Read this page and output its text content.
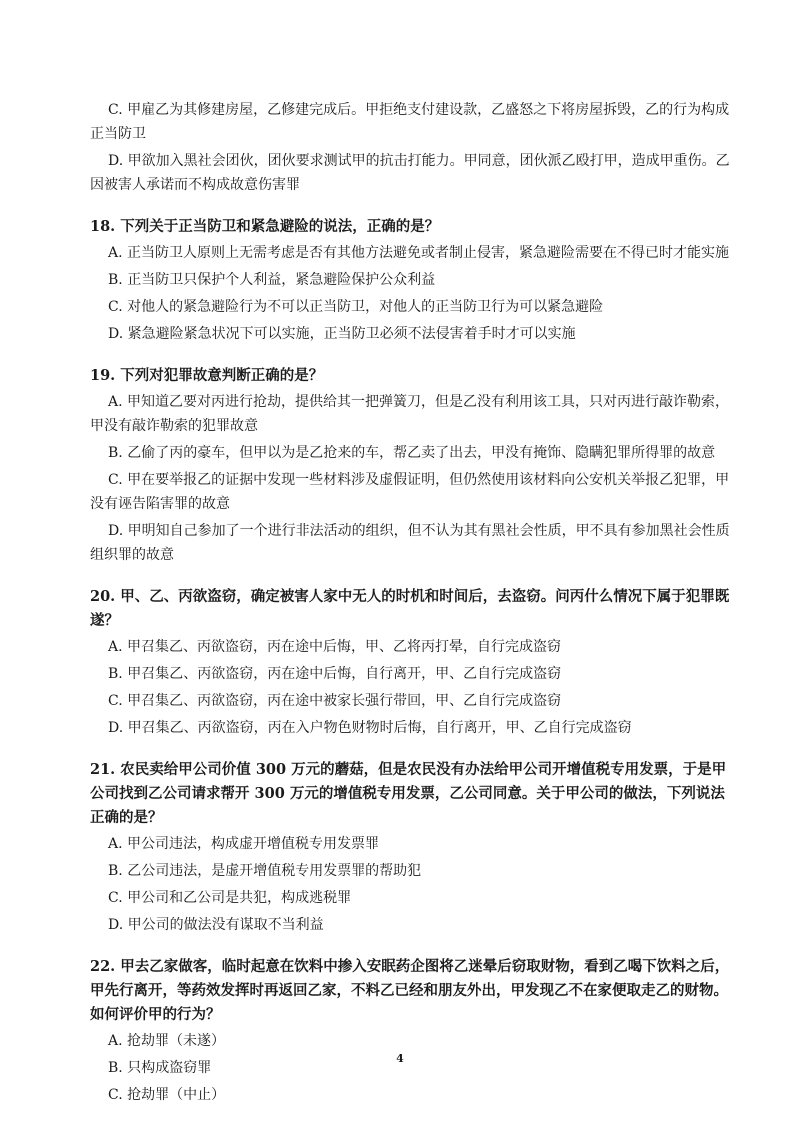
C. 甲雇乙为其修建房屋，乙修建完成后。甲拒绝支付建设款，乙盛怒之下将房屋拆毁，乙的行为构成正当防卫

D. 甲欲加入黑社会团伙，团伙要求测试甲的抗击打能力。甲同意，团伙派乙殴打甲，造成甲重伤。乙因被害人承诺而不构成故意伤害罪

18. 下列关于正当防卫和紧急避险的说法，正确的是？

A. 正当防卫人原则上无需考虑是否有其他方法避免或者制止侵害，紧急避险需要在不得已时才能实施

B. 正当防卫只保护个人利益，紧急避险保护公众利益

C. 对他人的紧急避险行为不可以正当防卫，对他人的正当防卫行为可以紧急避险

D. 紧急避险紧急状况下可以实施，正当防卫必须不法侵害着手时才可以实施

19. 下列对犯罪故意判断正确的是？

A. 甲知道乙要对丙进行抢劫，提供给其一把弹簧刀，但是乙没有利用该工具，只对丙进行敲诈勒索，甲没有敲诈勒索的犯罪故意

B. 乙偷了丙的豪车，但甲以为是乙抢来的车，帮乙卖了出去，甲没有掩饰、隐瞒犯罪所得罪的故意

C. 甲在要举报乙的证据中发现一些材料涉及虚假证明，但仍然使用该材料向公安机关举报乙犯罪，甲没有诬告陷害罪的故意

D. 甲明知自己参加了一个进行非法活动的组织，但不认为其有黑社会性质，甲不具有参加黑社会性质组织罪的故意

20. 甲、乙、丙欲盗窃，确定被害人家中无人的时机和时间后，去盗窃。问丙什么情况下属于犯罪既遂？

A. 甲召集乙、丙欲盗窃，丙在途中后悔，甲、乙将丙打晕，自行完成盗窃

B. 甲召集乙、丙欲盗窃，丙在途中后悔，自行离开，甲、乙自行完成盗窃

C. 甲召集乙、丙欲盗窃，丙在途中被家长强行带回，甲、乙自行完成盗窃

D. 甲召集乙、丙欲盗窃，丙在入户物色财物时后悔，自行离开，甲、乙自行完成盗窃

21. 农民卖给甲公司价值 300 万元的蘑菇，但是农民没有办法给甲公司开增值税专用发票，于是甲公司找到乙公司请求帮开 300 万元的增值税专用发票，乙公司同意。关于甲公司的做法，下列说法正确的是？

A. 甲公司违法，构成虚开增值税专用发票罪

B. 乙公司违法，是虚开增值税专用发票罪的帮助犯

C. 甲公司和乙公司是共犯，构成逃税罪

D. 甲公司的做法没有谋取不当利益

22. 甲去乙家做客，临时起意在饮料中掺入安眠药企图将乙迷晕后窃取财物，看到乙喝下饮料之后，甲先行离开，等药效发挥时再返回乙家，不料乙已经和朋友外出，甲发现乙不在家便取走乙的财物。如何评价甲的行为？

A. 抢劫罪（未遂）

B. 只构成盗窃罪

C. 抢劫罪（中止）

4
